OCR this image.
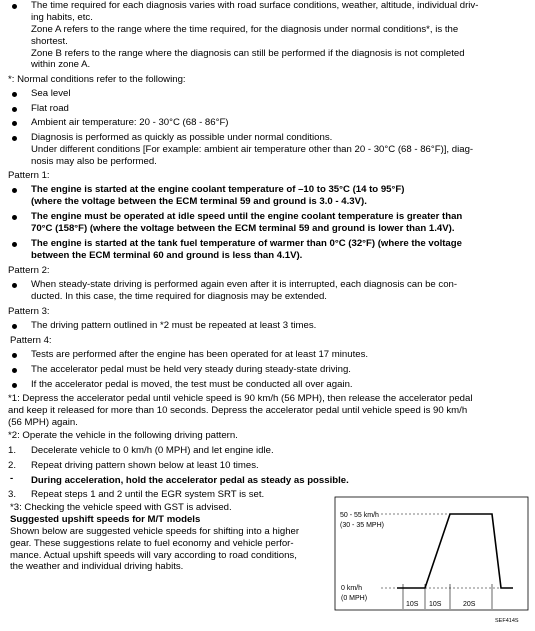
The time required for each diagnosis varies with road surface conditions, weather, altitude, individual driv-
ing habits, etc.
Zone A refers to the range where the time required, for the diagnosis under normal conditions*, is the
shortest.
Zone B refers to the range where the diagnosis can still be performed if the diagnosis is not completed
within zone A.
*: Normal conditions refer to the following:
Sea level
Flat road
Ambient air temperature: 20 - 30°C (68 - 86°F)
Diagnosis is performed as quickly as possible under normal conditions.
Under different conditions [For example: ambient air temperature other than 20 - 30°C (68 - 86°F)], diag-
nosis may also be performed.
Pattern 1:
The engine is started at the engine coolant temperature of –10 to 35°C (14 to 95°F)
(where the voltage between the ECM terminal 59 and ground is 3.0 - 4.3V).
The engine must be operated at idle speed until the engine coolant temperature is greater than
70°C (158°F) (where the voltage between the ECM terminal 59 and ground is lower than 1.4V).
The engine is started at the tank fuel temperature of warmer than 0°C (32°F) (where the voltage
between the ECM terminal 60 and ground is less than 4.1V).
Pattern 2:
When steady-state driving is performed again even after it is interrupted, each diagnosis can be con-
ducted. In this case, the time required for diagnosis may be extended.
Pattern 3:
The driving pattern outlined in *2 must be repeated at least 3 times.
Pattern 4:
Tests are performed after the engine has been operated for at least 17 minutes.
The accelerator pedal must be held very steady during steady-state driving.
If the accelerator pedal is moved, the test must be conducted all over again.
*1: Depress the accelerator pedal until vehicle speed is 90 km/h (56 MPH), then release the accelerator pedal
and keep it released for more than 10 seconds. Depress the accelerator pedal until vehicle speed is 90 km/h
(56 MPH) again.
*2: Operate the vehicle in the following driving pattern.
1. Decelerate vehicle to 0 km/h (0 MPH) and let engine idle.
2. Repeat driving pattern shown below at least 10 times.
- During acceleration, hold the accelerator pedal as steady as possible.
3. Repeat steps 1 and 2 until the EGR system SRT is set.
*3: Checking the vehicle speed with GST is advised.
Suggested upshift speeds for M/T models
Shown below are suggested vehicle speeds for shifting into a higher
gear. These suggestions relate to fuel economy and vehicle perfor-
mance. Actual upshift speeds will vary according to road conditions,
the weather and individual driving habits.
50 - 55 km/h
(30 - 35 MPH)
0 km/h
(0 MPH)
10S 10S	20S
SEF414S
